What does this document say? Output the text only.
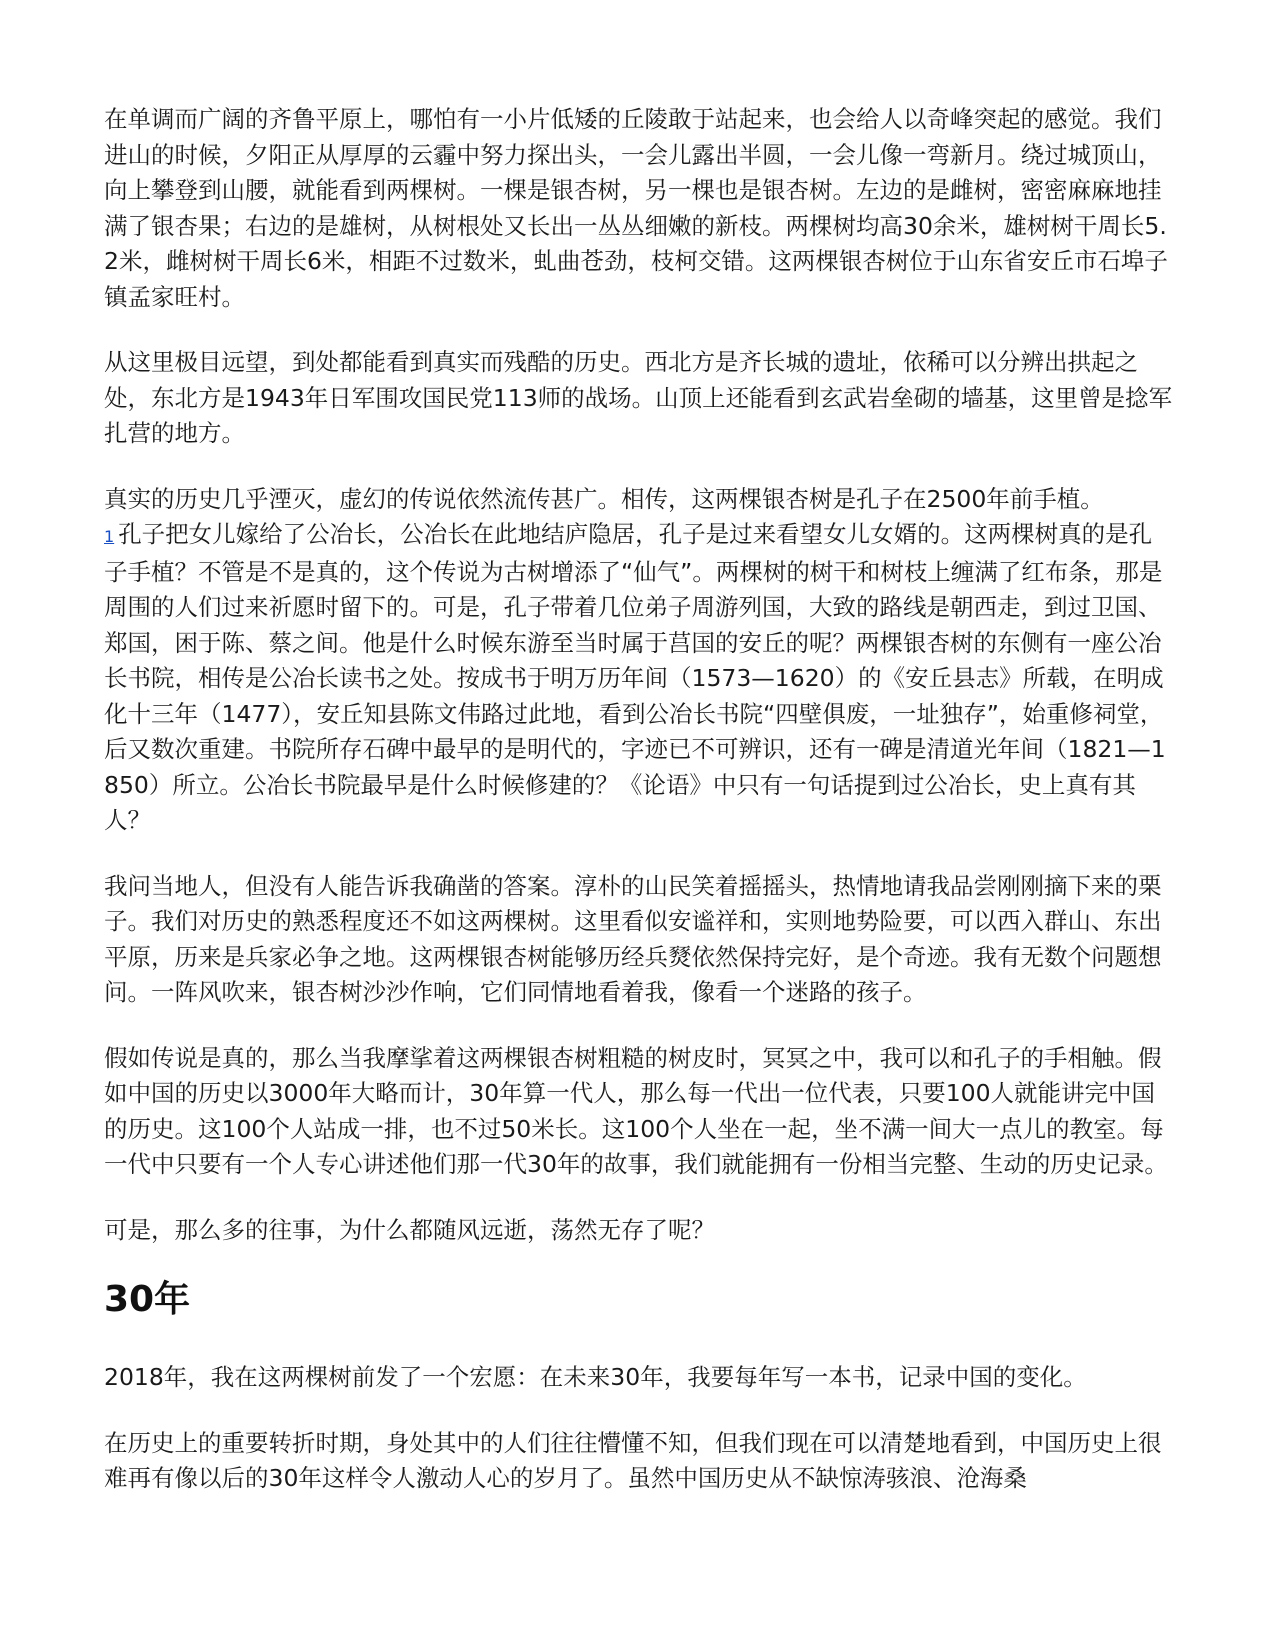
在单调而广阔的齐鲁平原上，哪怕有一小片低矮的丘陵敢于站起来，也会给人以奇峰突起的感觉。我们进山的时候，夕阳正从厚厚的云霾中努力探出头，一会儿露出半圆，一会儿像一弯新月。绕过城顶山，向上攀登到山腰，就能看到两棵树。一棵是银杏树，另一棵也是银杏树。左边的是雌树，密密麻麻地挂满了银杏果；右边的是雄树，从树根处又长出一丛丛细嫩的新枝。两棵树均高30余米，雄树树干周长5.2米，雌树树干周长6米，相距不过数米，虬曲苍劲，枝柯交错。这两棵银杏树位于山东省安丘市石埠子镇孟家旺村。

从这里极目远望，到处都能看到真实而残酷的历史。西北方是齐长城的遗址，依稀可以分辨出拱起之处，东北方是1943年日军围攻国民党113师的战场。山顶上还能看到玄武岩垒砌的墙基，这里曾是捻军扎营的地方。

真实的历史几乎湮灭，虚幻的传说依然流传甚广。相传，这两棵银杏树是孔子在2500年前手植。
1 孔子把女儿嫁给了公冶长，公冶长在此地结庐隐居，孔子是过来看望女儿女婿的。这两棵树真的是孔子手植？不管是不是真的，这个传说为古树增添了“仙气”。两棵树的树干和树枝上缠满了红布条，那是周围的人们过来祈愿时留下的。可是，孔子带着几位弟子周游列国，大致的路线是朝西走，到过卫国、郑国，困于陈、蔡之间。他是什么时候东游至当时属于莒国的安丘的呢？两棵银杏树的东侧有一座公冶长书院，相传是公冶长读书之处。按成书于明万历年间（1573—1620）的《安丘县志》所载，在明成化十三年（1477），安丘知县陈文伟路过此地，看到公冶长书院“四壁俱废，一址独存”，始重修祠堂，后又数次重建。书院所存石碑中最早的是明代的，字迹已不可辨识，还有一碑是清道光年间（1821—1850）所立。公冶长书院最早是什么时候修建的？《论语》中只有一句话提到过公冶长，史上真有其人？

我问当地人，但没有人能告诉我确凿的答案。淳朴的山民笑着摇摇头，热情地请我品尝刚刚摘下来的栗子。我们对历史的熟悉程度还不如这两棵树。这里看似安谧祥和，实则地势险要，可以西入群山、东出平原，历来是兵家必争之地。这两棵银杏树能够历经兵燹依然保持完好，是个奇迹。我有无数个问题想问。一阵风吹来，银杏树沙沙作响，它们同情地看着我，像看一个迷路的孩子。

假如传说是真的，那么当我摩挲着这两棵银杏树粗糙的树皮时，冥冥之中，我可以和孔子的手相触。假如中国的历史以3000年大略而计，30年算一代人，那么每一代出一位代表，只要100人就能讲完中国的历史。这100个人站成一排，也不过50米长。这100个人坐在一起，坐不满一间大一点儿的教室。每一代中只要有一个人专心讲述他们那一代30年的故事，我们就能拥有一份相当完整、生动的历史记录。

可是，那么多的往事，为什么都随风远逝，荡然无存了呢？

30年

2018年，我在这两棵树前发了一个宏愿：在未来30年，我要每年写一本书，记录中国的变化。

在历史上的重要转折时期，身处其中的人们往往懵懂不知，但我们现在可以清楚地看到，中国历史上很难再有像以后的30年这样令人激动人心的岁月了。虽然中国历史从不缺惊涛骇浪、沧海桑
